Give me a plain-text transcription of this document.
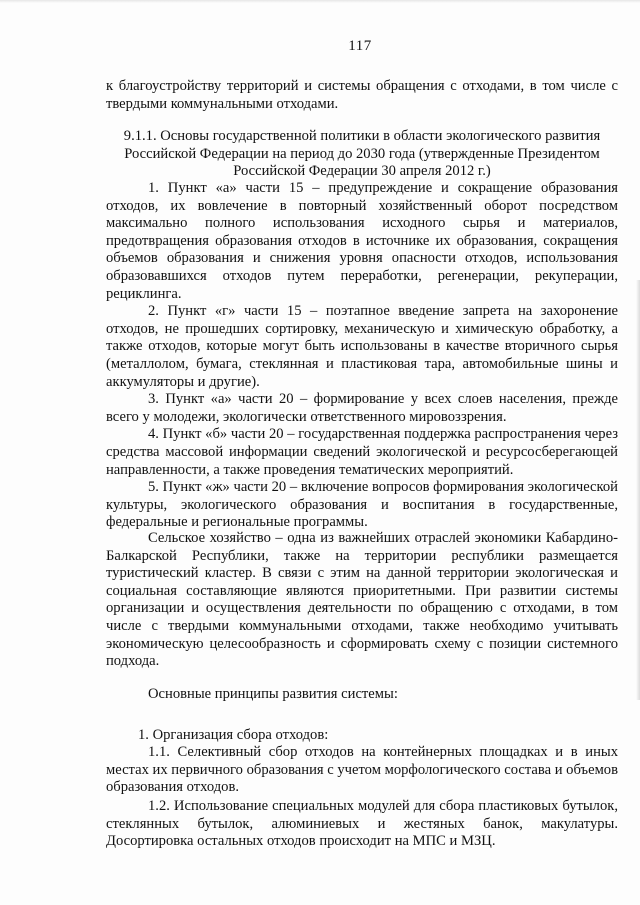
117

к благоустройству территорий и системы обращения с отходами, в том числе с твердыми коммунальными отходами.

9.1.1. Основы государственной политики в области экологического развития Российской Федерации на период до 2030 года (утвержденные Президентом Российской Федерации 30 апреля 2012 г.)

1. Пункт «а» части 15 – предупреждение и сокращение образования отходов, их вовлечение в повторный хозяйственный оборот посредством максимально полного использования исходного сырья и материалов, предотвращения образования отходов в источнике их образования, сокращения объемов образования и снижения уровня опасности отходов, использования образовавшихся отходов путем переработки, регенерации, рекуперации, рециклинга.

2. Пункт «г» части 15 – поэтапное введение запрета на захоронение отходов, не прошедших сортировку, механическую и химическую обработку, а также отходов, которые могут быть использованы в качестве вторичного сырья (металлолом, бумага, стеклянная и пластиковая тара, автомобильные шины и аккумуляторы и другие).

3. Пункт «а» части 20 – формирование у всех слоев населения, прежде всего у молодежи, экологически ответственного мировоззрения.

4. Пункт «б» части 20 – государственная поддержка распространения через средства массовой информации сведений экологической и ресурсосберегающей направленности, а также проведения тематических мероприятий.

5. Пункт «ж» части 20 – включение вопросов формирования экологической культуры, экологического образования и воспитания в государственные, федеральные и региональные программы.

Сельское хозяйство – одна из важнейших отраслей экономики Кабардино-Балкарской Республики, также на территории республики размещается туристический кластер. В связи с этим на данной территории экологическая и социальная составляющие являются приоритетными. При развитии системы организации и осуществления деятельности по обращению с отходами, в том числе с твердыми коммунальными отходами, также необходимо учитывать экономическую целесообразность и сформировать схему с позиции системного подхода.

Основные принципы развития системы:

1. Организация сбора отходов:

1.1. Селективный сбор отходов на контейнерных площадках и в иных местах их первичного образования с учетом морфологического состава и объемов образования отходов.

1.2. Использование специальных модулей для сбора пластиковых бутылок, стеклянных бутылок, алюминиевых и жестяных банок, макулатуры. Досортировка остальных отходов происходит на МПС и МЗЦ.
